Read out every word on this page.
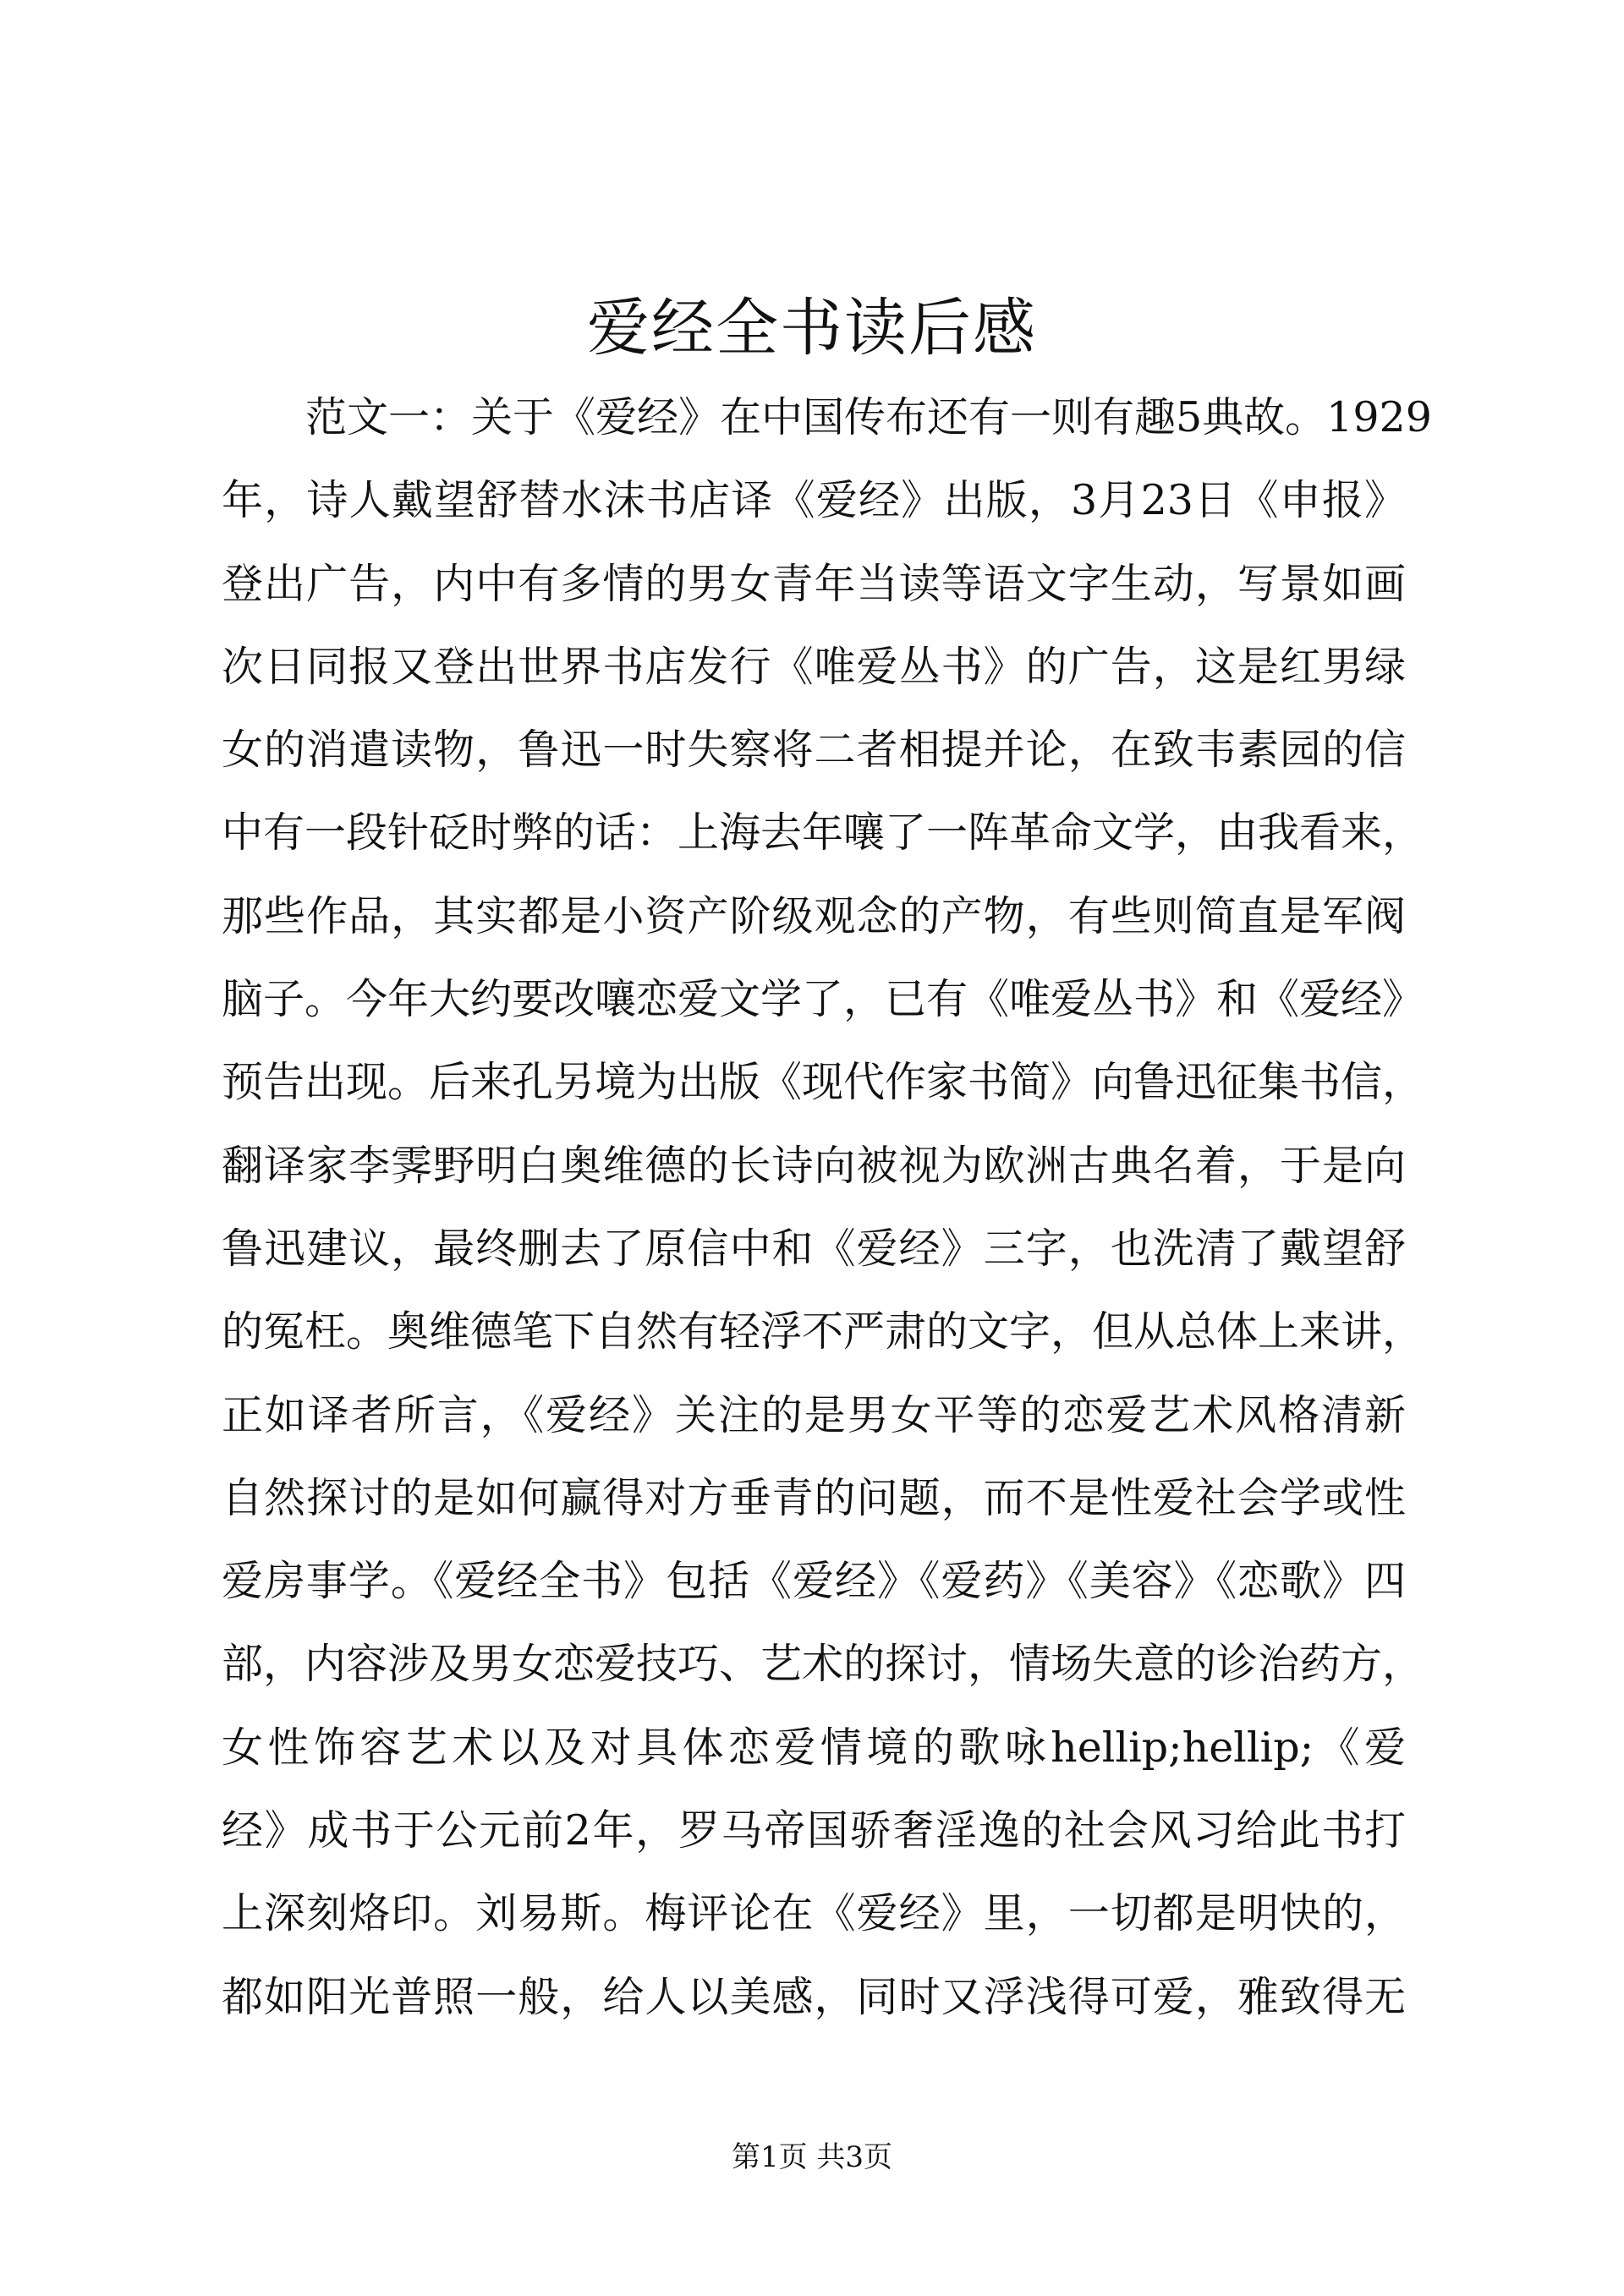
爱经全书读后感
范文一：关于《爱经》在中国传布还有一则有趣5典故。1929
年，诗人戴望舒替水沫书店译《爱经》出版，3月23日《申报》
登出广告，内中有多情的男女青年当读等语文字生动，写景如画
次日同报又登出世界书店发行《唯爱丛书》的广告，这是红男绿
女的消遣读物，鲁迅一时失察将二者相提并论，在致韦素园的信
中有一段针砭时弊的话：上海去年嚷了一阵革命文学，由我看来，
那些作品，其实都是小资产阶级观念的产物，有些则简直是军阀
脑子。今年大约要改嚷恋爱文学了，已有《唯爱丛书》和《爱经》
预告出现。后来孔另境为出版《现代作家书简》向鲁迅征集书信，
翻译家李霁野明白奥维德的长诗向被视为欧洲古典名着，于是向
鲁迅建议，最终删去了原信中和《爱经》三字，也洗清了戴望舒
的冤枉。奥维德笔下自然有轻浮不严肃的文字，但从总体上来讲，
正如译者所言，《爱经》关注的是男女平等的恋爱艺术风格清新
自然探讨的是如何赢得对方垂青的问题，而不是性爱社会学或性
爱房事学。《爱经全书》包括《爱经》《爱药》《美容》《恋歌》四
部，内容涉及男女恋爱技巧、艺术的探讨，情场失意的诊治药方，
女性饰容艺术以及对具体恋爱情境的歌咏hellip;hellip;《爱
经》成书于公元前2年，罗马帝国骄奢淫逸的社会风习给此书打
上深刻烙印。刘易斯。梅评论在《爱经》里，一切都是明快的，
都如阳光普照一般，给人以美感，同时又浮浅得可爱，雅致得无
第1页 共3页
